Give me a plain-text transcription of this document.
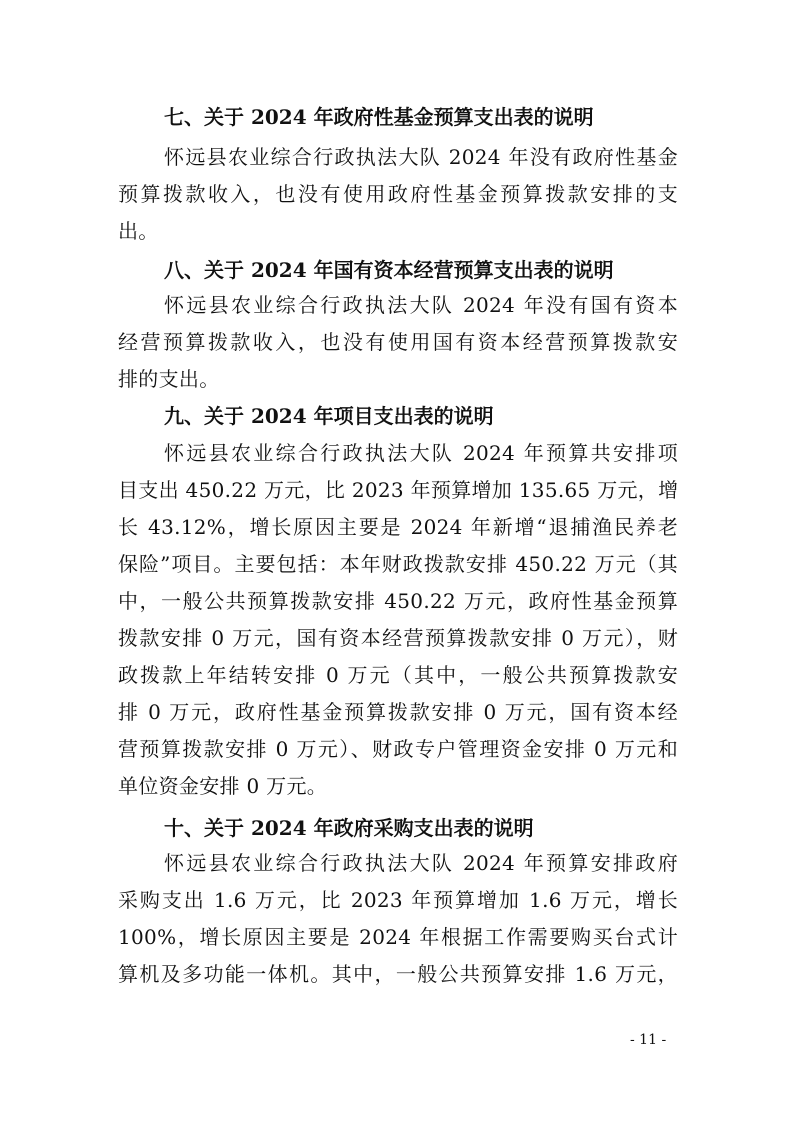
七、关于 2024 年政府性基金预算支出表的说明
怀远县农业综合行政执法大队 2024 年没有政府性基金
预算拨款收入，也没有使用政府性基金预算拨款安排的支
出。
八、关于 2024 年国有资本经营预算支出表的说明
怀远县农业综合行政执法大队 2024 年没有国有资本
经营预算拨款收入，也没有使用国有资本经营预算拨款安
排的支出。
九、关于 2024 年项目支出表的说明
怀远县农业综合行政执法大队 2024 年预算共安排项
目支出 450.22 万元，比 2023 年预算增加 135.65 万元，增
长 43.12%，增长原因主要是 2024 年新增“退捕渔民养老
保险”项目。主要包括：本年财政拨款安排 450.22 万元（其
中，一般公共预算拨款安排 450.22 万元，政府性基金预算
拨款安排 0 万元，国有资本经营预算拨款安排 0 万元），财
政拨款上年结转安排 0 万元（其中，一般公共预算拨款安
排 0 万元，政府性基金预算拨款安排 0 万元，国有资本经
营预算拨款安排 0 万元）、财政专户管理资金安排 0 万元和
单位资金安排 0 万元。
十、关于 2024 年政府采购支出表的说明
怀远县农业综合行政执法大队 2024 年预算安排政府
采购支出 1.6 万元，比 2023 年预算增加 1.6 万元，增长
100%，增长原因主要是 2024 年根据工作需要购买台式计
算机及多功能一体机。其中，一般公共预算安排 1.6 万元，
- 11 -
